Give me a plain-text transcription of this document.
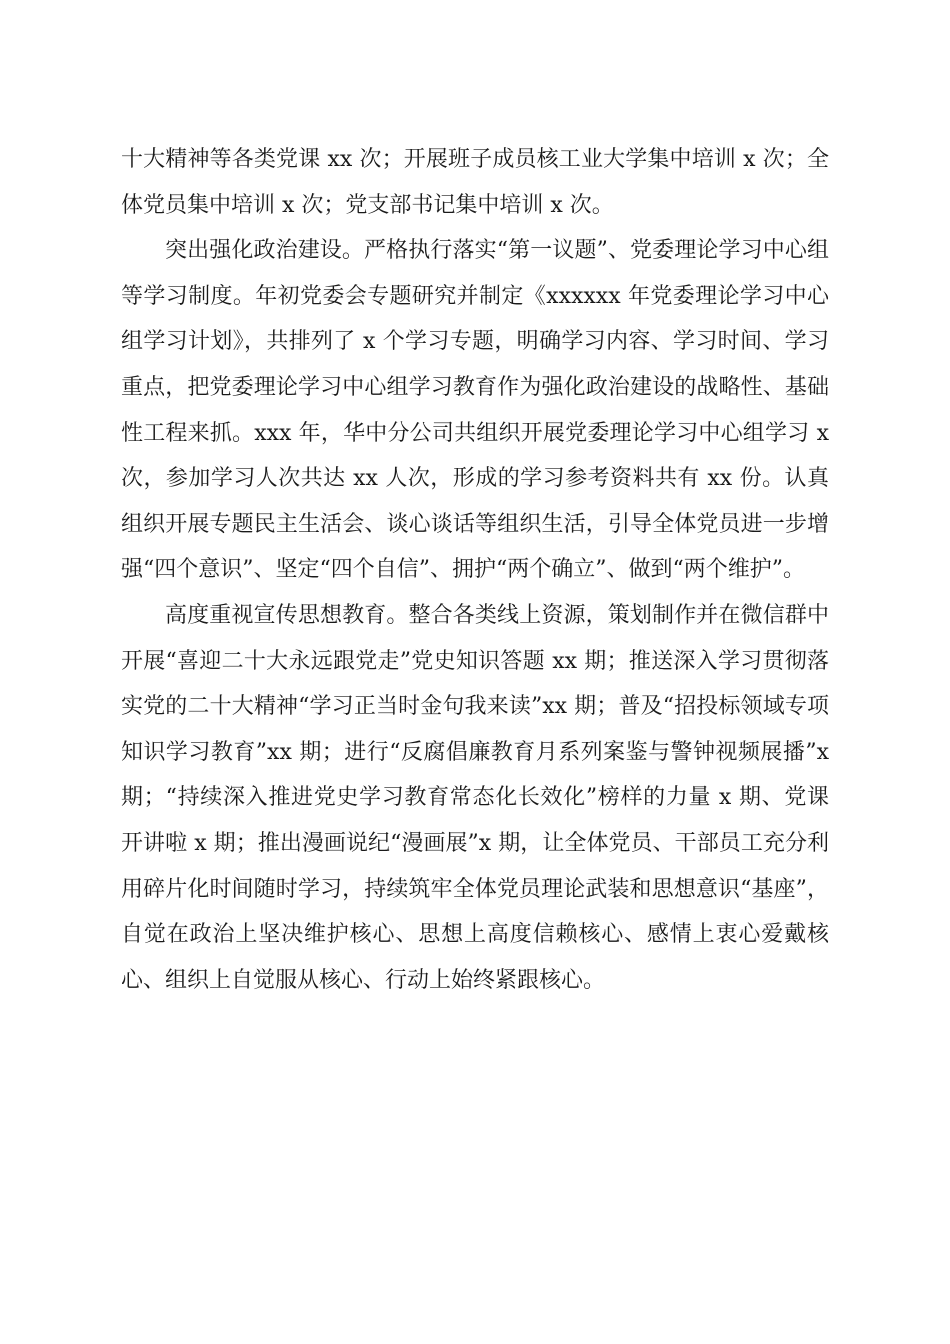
十大精神等各类党课 xx 次；开展班子成员核工业大学集中培训 x 次；全体党员集中培训 x 次；党支部书记集中培训 x 次。

突出强化政治建设。严格执行落实“第一议题”、党委理论学习中心组等学习制度。年初党委会专题研究并制定《xxxxxx 年党委理论学习中心组学习计划》，共排列了 x 个学习专题，明确学习内容、学习时间、学习重点，把党委理论学习中心组学习教育作为强化政治建设的战略性、基础性工程来抓。xxx 年，华中分公司共组织开展党委理论学习中心组学习 x 次，参加学习人次共达 xx 人次，形成的学习参考资料共有 xx 份。认真组织开展专题民主生活会、谈心谈话等组织生活，引导全体党员进一步增强“四个意识”、坚定“四个自信”、拥护“两个确立”、做到“两个维护”。

高度重视宣传思想教育。整合各类线上资源，策划制作并在微信群中开展“喜迎二十大永远跟党走”党史知识答题 xx 期；推送深入学习贯彻落实党的二十大精神“学习正当时金句我来读”xx 期；普及“招投标领域专项知识学习教育”xx 期；进行“反腐倡廉教育月系列案鉴与警钟视频展播”x 期；“持续深入推进党史学习教育常态化长效化”榜样的力量 x 期、党课开讲啦 x 期；推出漫画说纪“漫画展”x 期，让全体党员、干部员工充分利用碎片化时间随时学习，持续筑牢全体党员理论武装和思想意识“基座”，自觉在政治上坚决维护核心、思想上高度信赖核心、感情上衷心爱戴核心、组织上自觉服从核心、行动上始终紧跟核心。
